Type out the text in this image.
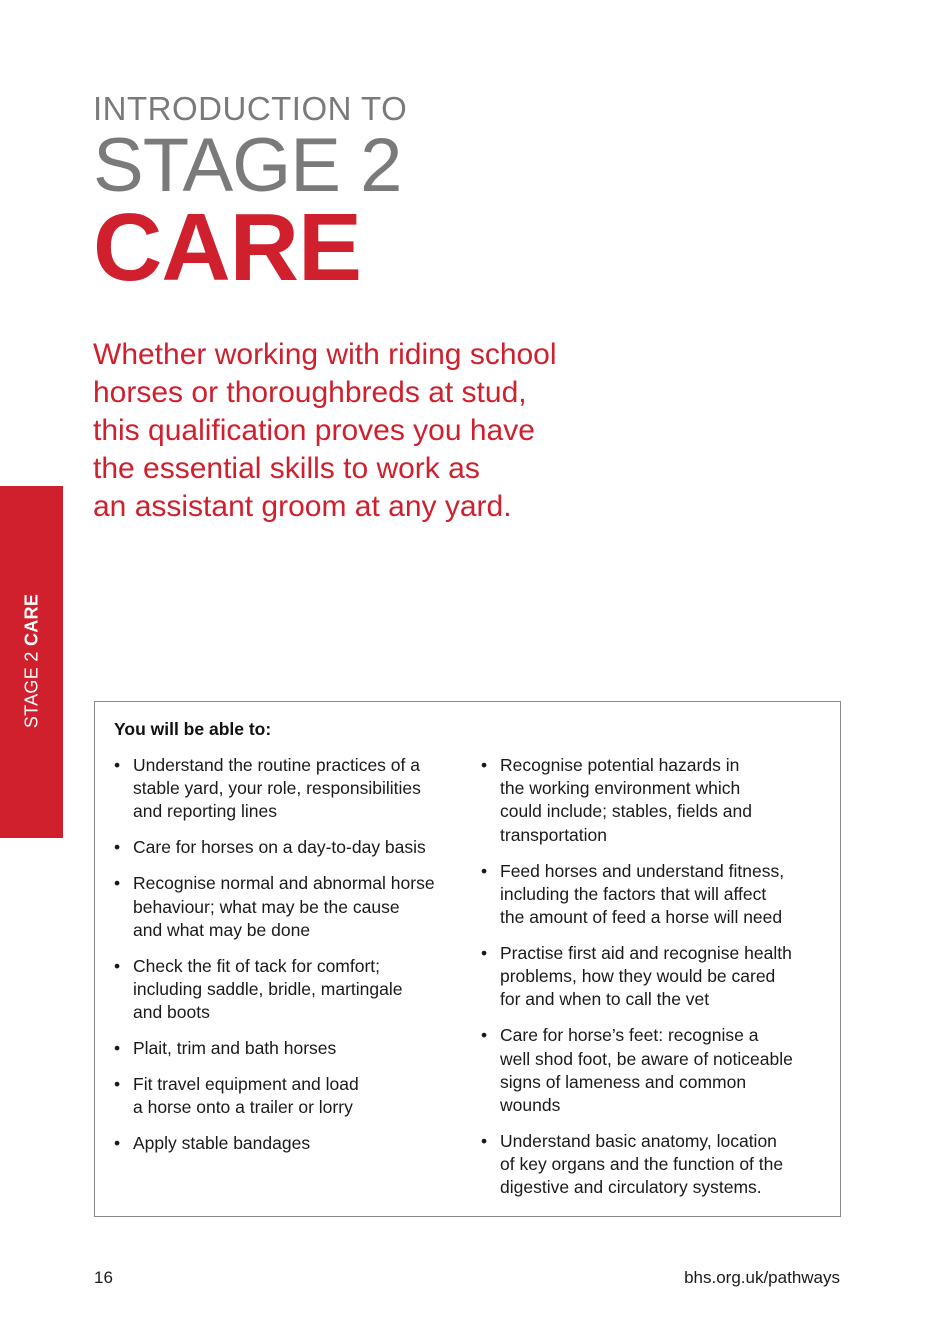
INTRODUCTION TO
STAGE 2
CARE
Whether working with riding school
horses or thoroughbreds at stud,
this qualification proves you have
the essential skills to work as
an assistant groom at any yard.
STAGE 2 CARE
You will be able to:
• Understand the routine practices of a
stable yard, your role, responsibilities
and reporting lines
• Care for horses on a day-to-day basis
• Recognise normal and abnormal horse
behaviour; what may be the cause
and what may be done
• Check the fit of tack for comfort;
including saddle, bridle, martingale
and boots
• Plait, trim and bath horses
• Fit travel equipment and load
a horse onto a trailer or lorry
• Apply stable bandages
• Recognise potential hazards in
the working environment which
could include; stables, fields and
transportation
• Feed horses and understand fitness,
including the factors that will affect
the amount of feed a horse will need
• Practise first aid and recognise health
problems, how they would be cared
for and when to call the vet
• Care for horse’s feet: recognise a
well shod foot, be aware of noticeable
signs of lameness and common
wounds
• Understand basic anatomy, location
of key organs and the function of the
digestive and circulatory systems.
16	bhs.org.uk/pathways
